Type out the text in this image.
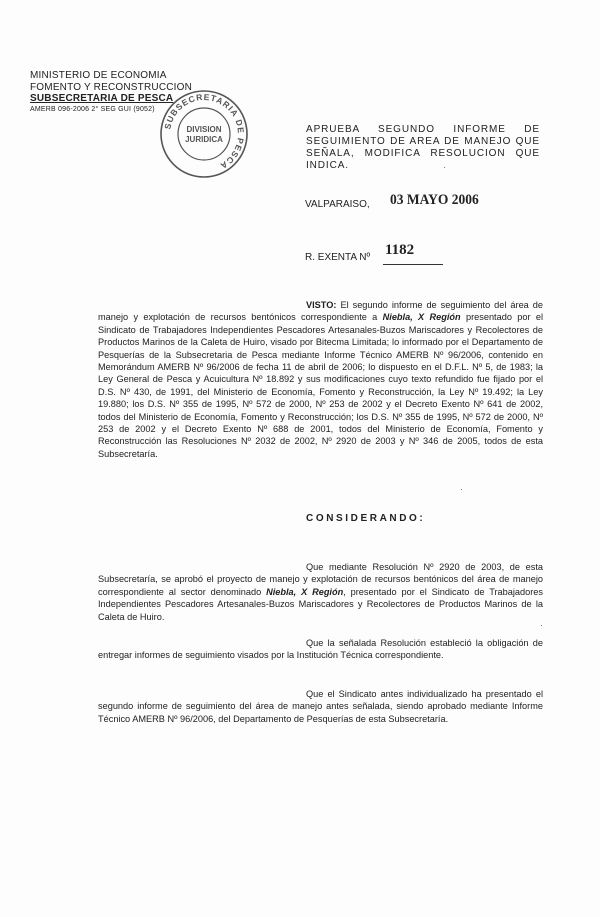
MINISTERIO DE ECONOMIA
FOMENTO Y RECONSTRUCCION
SUBSECRETARIA DE PESCA
AMERB 096-2006 2° SEG GUI (9052)
SUBSECRETARIA DE PESCA
DIVISION
JURIDICA
APRUEBA SEGUNDO INFORME DE SEGUIMIENTO DE AREA DE MANEJO QUE SEÑALA, MODIFICA RESOLUCION QUE INDICA.
VALPARAISO, 03 MAYO 2006
R. EXENTA Nº 1182
VISTO: El segundo informe de seguimiento del área de manejo y explotación de recursos bentónicos correspondiente a Niebla, X Región presentado por el Sindicato de Trabajadores Independientes Pescadores Artesanales-Buzos Mariscadores y Recolectores de Productos Marinos de la Caleta de Huiro, visado por Bitecma Limitada; lo informado por el Departamento de Pesquerías de la Subsecretaria de Pesca mediante Informe Técnico AMERB Nº 96/2006, contenido en Memorándum AMERB Nº 96/2006 de fecha 11 de abril de 2006; lo dispuesto en el D.F.L. Nº 5, de 1983; la Ley General de Pesca y Acuicultura Nº 18.892 y sus modificaciones cuyo texto refundido fue fijado por el D.S. Nº 430, de 1991, del Ministerio de Economía, Fomento y Reconstrucción, la Ley Nº 19.492; la Ley 19.880; los D.S. Nº 355 de 1995, Nº 572 de 2000, Nº 253 de 2002 y el Decreto Exento Nº 641 de 2002, todos del Ministerio de Economía, Fomento y Reconstrucción; los D.S. Nº 355 de 1995, Nº 572 de 2000, Nº 253 de 2002 y el Decreto Exento Nº 688 de 2001, todos del Ministerio de Economía, Fomento y Reconstrucción las Resoluciones Nº 2032 de 2002, Nº 2920 de 2003 y Nº 346 de 2005, todos de esta Subsecretaría.
CONSIDERANDO:
Que mediante Resolución Nº 2920 de 2003, de esta Subsecretaría, se aprobó el proyecto de manejo y explotación de recursos bentónicos del área de manejo correspondiente al sector denominado Niebla, X Región, presentado por el Sindicato de Trabajadores Independientes Pescadores Artesanales-Buzos Mariscadores y Recolectores de Productos Marinos de la Caleta de Huiro.
Que la señalada Resolución estableció la obligación de entregar informes de seguimiento visados por la Institución Técnica correspondiente.
Que el Sindicato antes individualizado ha presentado el segundo informe de seguimiento del área de manejo antes señalada, siendo aprobado mediante Informe Técnico AMERB Nº 96/2006, del Departamento de Pesquerías de esta Subsecretaría.
·
·
·
